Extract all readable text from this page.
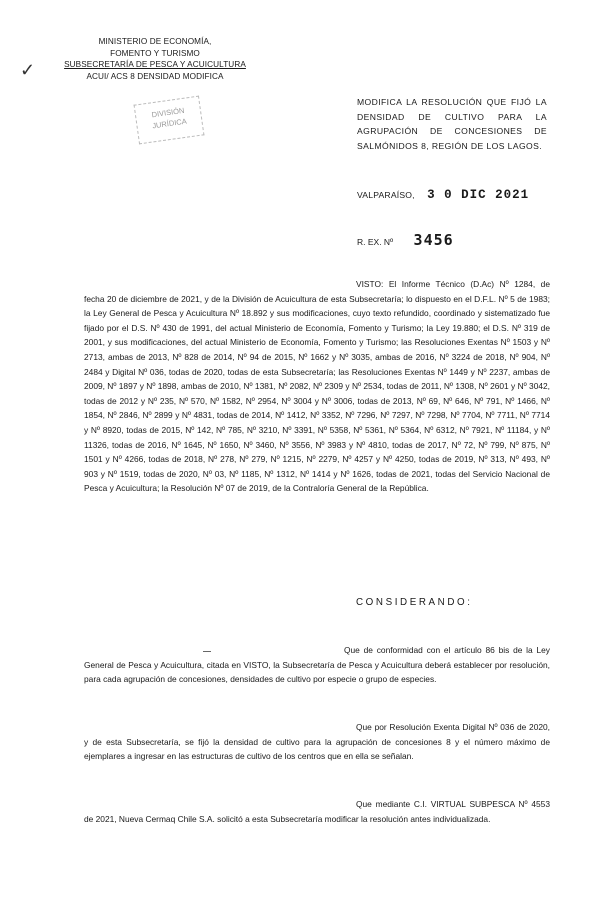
MINISTERIO DE ECONOMÍA,
FOMENTO Y TURISMO
SUBSECRETARÍA DE PESCA Y ACUICULTURA
ACUI/ ACS 8 DENSIDAD MODIFICA
✓
DIVISIÓN JURÍDICA
MODIFICA LA RESOLUCIÓN QUE FIJÓ LA DENSIDAD DE CULTIVO PARA LA AGRUPACIÓN DE CONCESIONES DE SALMÓNIDOS 8, REGIÓN DE LOS LAGOS.
VALPARAÍSO, 3 0 DIC 2021
R. EX. Nº 3456
VISTO: El Informe Técnico (D.Ac) Nº 1284, de fecha 20 de diciembre de 2021, y de la División de Acuicultura de esta Subsecretaría; lo dispuesto en el D.F.L. Nº 5 de 1983; la Ley General de Pesca y Acuicultura Nº 18.892 y sus modificaciones, cuyo texto refundido, coordinado y sistematizado fue fijado por el D.S. Nº 430 de 1991, del actual Ministerio de Economía, Fomento y Turismo; la Ley 19.880; el D.S. Nº 319 de 2001, y sus modificaciones, del actual Ministerio de Economía, Fomento y Turismo; las Resoluciones Exentas Nº 1503 y Nº 2713, ambas de 2013, Nº 828 de 2014, Nº 94 de 2015, Nº 1662 y Nº 3035, ambas de 2016, Nº 3224 de 2018, Nº 904, Nº 2484 y Digital Nº 036, todas de 2020, todas de esta Subsecretaría; las Resoluciones Exentas Nº 1449 y Nº 2237, ambas de 2009, Nº 1897 y Nº 1898, ambas de 2010, Nº 1381, Nº 2082, Nº 2309 y Nº 2534, todas de 2011, Nº 1308, Nº 2601 y Nº 3042, todas de 2012 y Nº 235, Nº 570, Nº 1582, Nº 2954, Nº 3004 y Nº 3006, todas de 2013, Nº 69, Nº 646, Nº 791, Nº 1466, Nº 1854, Nº 2846, Nº 2899 y Nº 4831, todas de 2014, Nº 1412, Nº 3352, Nº 7296, Nº 7297, Nº 7298, Nº 7704, Nº 7711, Nº 7714 y Nº 8920, todas de 2015, Nº 142, Nº 785, Nº 3210, Nº 3391, Nº 5358, Nº 5361, Nº 5364, Nº 6312, Nº 7921, Nº 11184, y Nº 11326, todas de 2016, Nº 1645, Nº 1650, Nº 3460, Nº 3556, Nº 3983 y Nº 4810, todas de 2017, Nº 72, Nº 799, Nº 875, Nº 1501 y Nº 4266, todas de 2018, Nº 278, Nº 279, Nº 1215, Nº 2279, Nº 4257 y Nº 4250, todas de 2019, Nº 313, Nº 493, Nº 903 y Nº 1519, todas de 2020, Nº 03, Nº 1185, Nº 1312, Nº 1414 y Nº 1626, todas de 2021, todas del Servicio Nacional de Pesca y Acuicultura; la Resolución Nº 07 de 2019, de la Contraloría General de la República.
CONSIDERANDO:
Que de conformidad con el artículo 86 bis de la Ley General de Pesca y Acuicultura, citada en VISTO, la Subsecretaría de Pesca y Acuicultura deberá establecer por resolución, para cada agrupación de concesiones, densidades de cultivo por especie o grupo de especies.
Que por Resolución Exenta Digital Nº 036 de 2020, y de esta Subsecretaría, se fijó la densidad de cultivo para la agrupación de concesiones 8 y el número máximo de ejemplares a ingresar en las estructuras de cultivo de los centros que en ella se señalan.
Que mediante C.I. VIRTUAL SUBPESCA Nº 4553 de 2021, Nueva Cermaq Chile S.A. solicitó a esta Subsecretaría modificar la resolución antes individualizada.
